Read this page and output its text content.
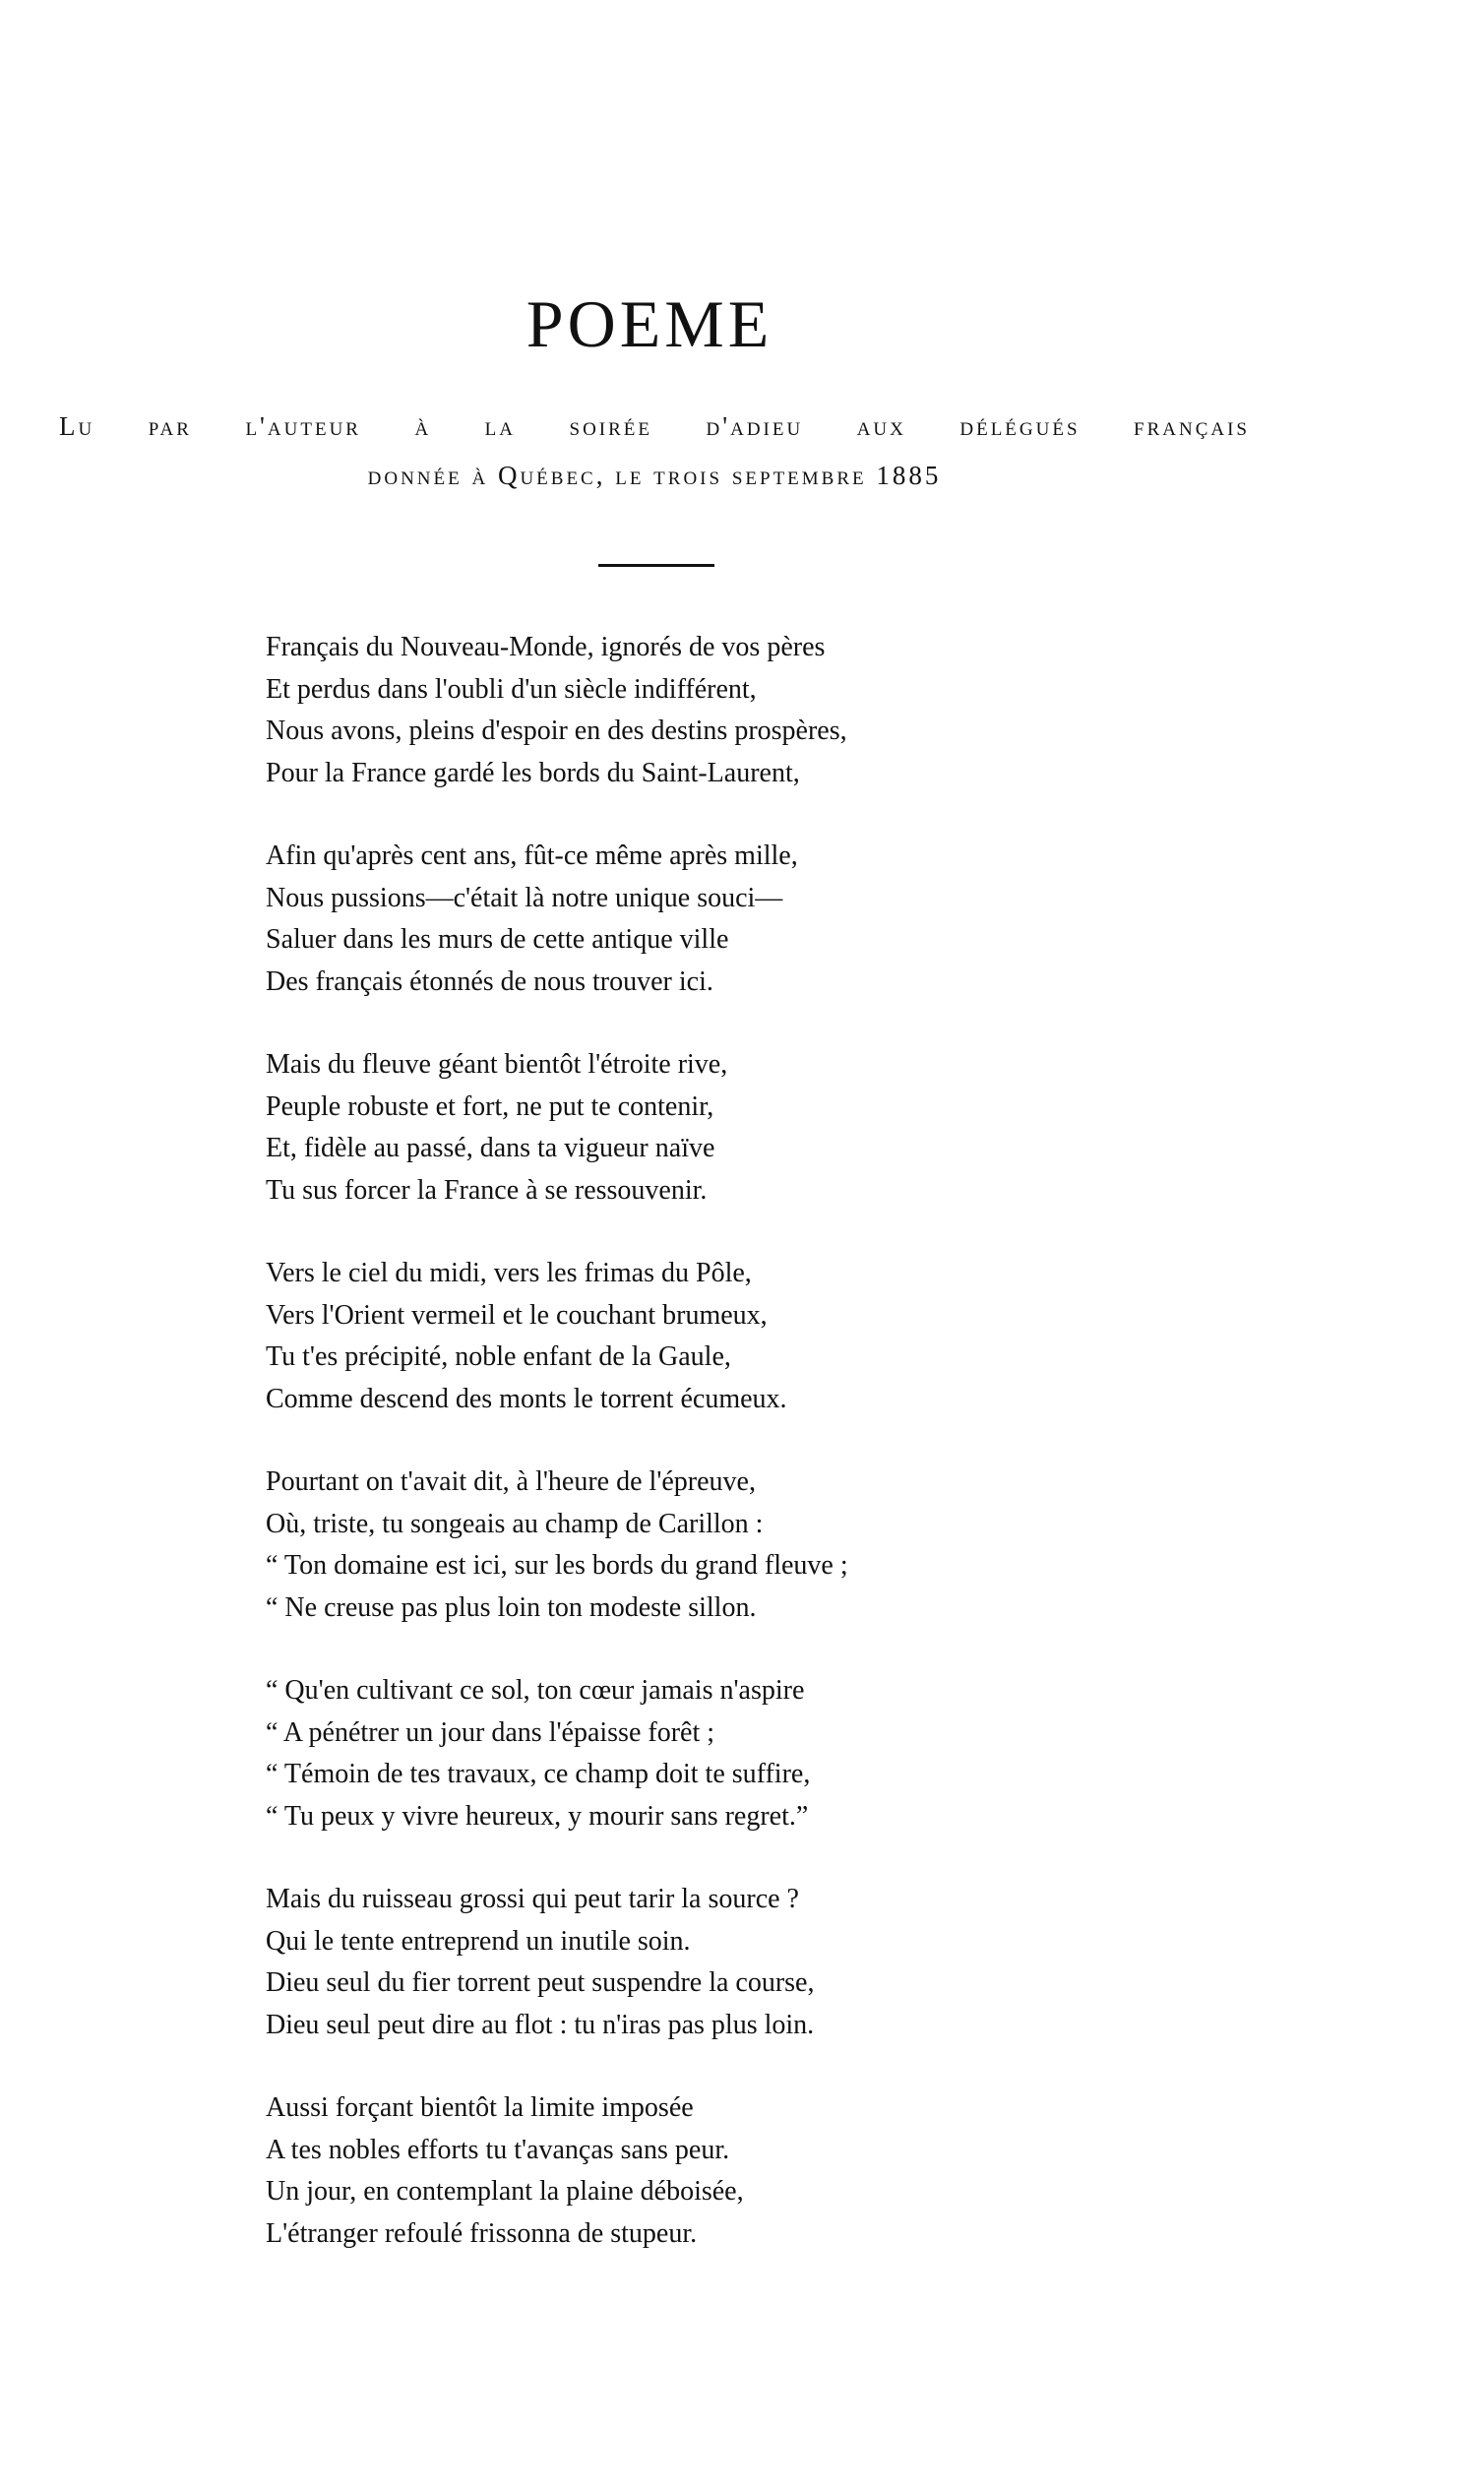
POEME

Lu par l'auteur à la soirée d'adieu aux délégués français
donnée à Québec, le trois septembre 1885

Français du Nouveau-Monde, ignorés de vos pères
Et perdus dans l'oubli d'un siècle indifférent,
Nous avons, pleins d'espoir en des destins prospères,
Pour la France gardé les bords du Saint-Laurent,
Afin qu'après cent ans, fût-ce même après mille,
Nous pussions—c'était là notre unique souci—
Saluer dans les murs de cette antique ville
Des français étonnés de nous trouver ici.
Mais du fleuve géant bientôt l'étroite rive,
Peuple robuste et fort, ne put te contenir,
Et, fidèle au passé, dans ta vigueur naïve
Tu sus forcer la France à se ressouvenir.
Vers le ciel du midi, vers les frimas du Pôle,
Vers l'Orient vermeil et le couchant brumeux,
Tu t'es précipité, noble enfant de la Gaule,
Comme descend des monts le torrent écumeux.
Pourtant on t'avait dit, à l'heure de l'épreuve,
Où, triste, tu songeais au champ de Carillon :
“ Ton domaine est ici, sur les bords du grand fleuve ;
“ Ne creuse pas plus loin ton modeste sillon.
“ Qu'en cultivant ce sol, ton cœur jamais n'aspire
“ A pénétrer un jour dans l'épaisse forêt ;
“ Témoin de tes travaux, ce champ doit te suffire,
“ Tu peux y vivre heureux, y mourir sans regret.”
Mais du ruisseau grossi qui peut tarir la source ?
Qui le tente entreprend un inutile soin.
Dieu seul du fier torrent peut suspendre la course,
Dieu seul peut dire au flot : tu n'iras pas plus loin.
Aussi forçant bientôt la limite imposée
A tes nobles efforts tu t'avanças sans peur.
Un jour, en contemplant la plaine déboisée,
L'étranger refoulé frissonna de stupeur.
